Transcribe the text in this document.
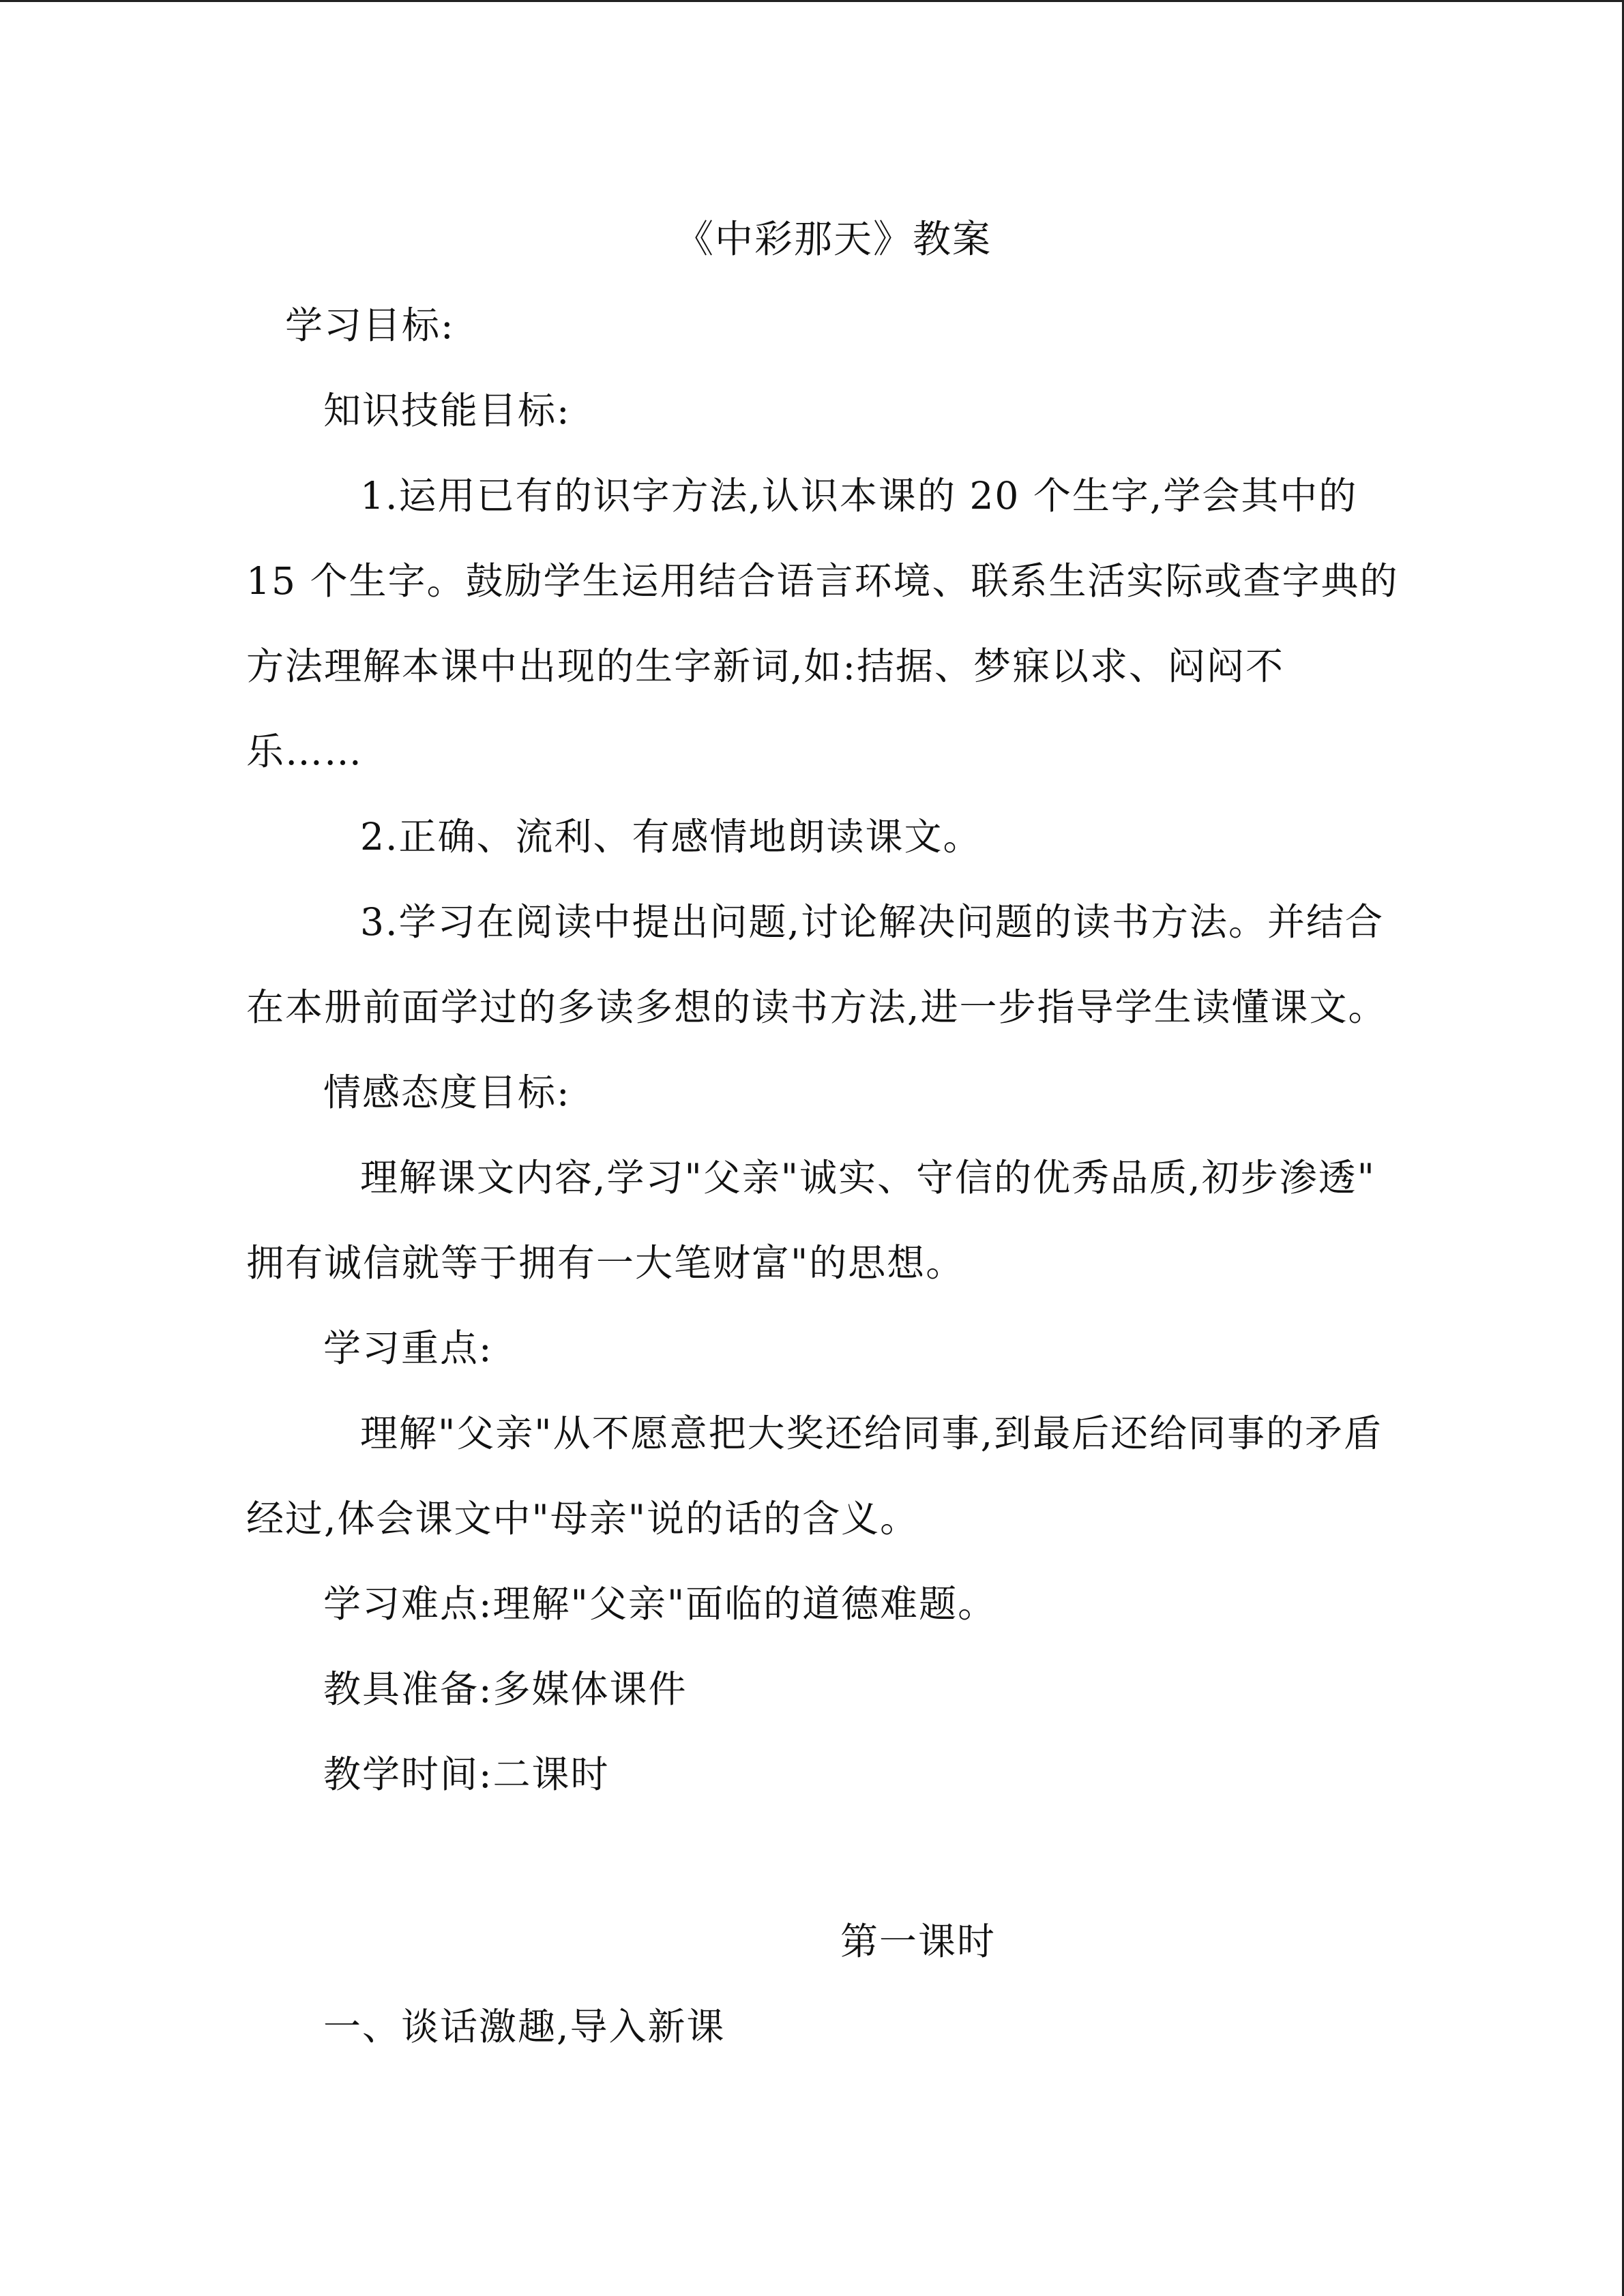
《中彩那天》教案
学习目标:
知识技能目标:
1.运用已有的识字方法,认识本课的 20 个生字,学会其中的
15 个生字。鼓励学生运用结合语言环境、联系生活实际或查字典的
方法理解本课中出现的生字新词,如:拮据、梦寐以求、闷闷不
乐……
2.正确、流利、有感情地朗读课文。
3.学习在阅读中提出问题,讨论解决问题的读书方法。并结合
在本册前面学过的多读多想的读书方法,进一步指导学生读懂课文。
情感态度目标:
理解课文内容,学习"父亲"诚实、守信的优秀品质,初步渗透"
拥有诚信就等于拥有一大笔财富"的思想。
学习重点:
理解"父亲"从不愿意把大奖还给同事,到最后还给同事的矛盾
经过,体会课文中"母亲"说的话的含义。
学习难点:理解"父亲"面临的道德难题。
教具准备:多媒体课件
教学时间:二课时
第一课时
一、谈话激趣,导入新课
